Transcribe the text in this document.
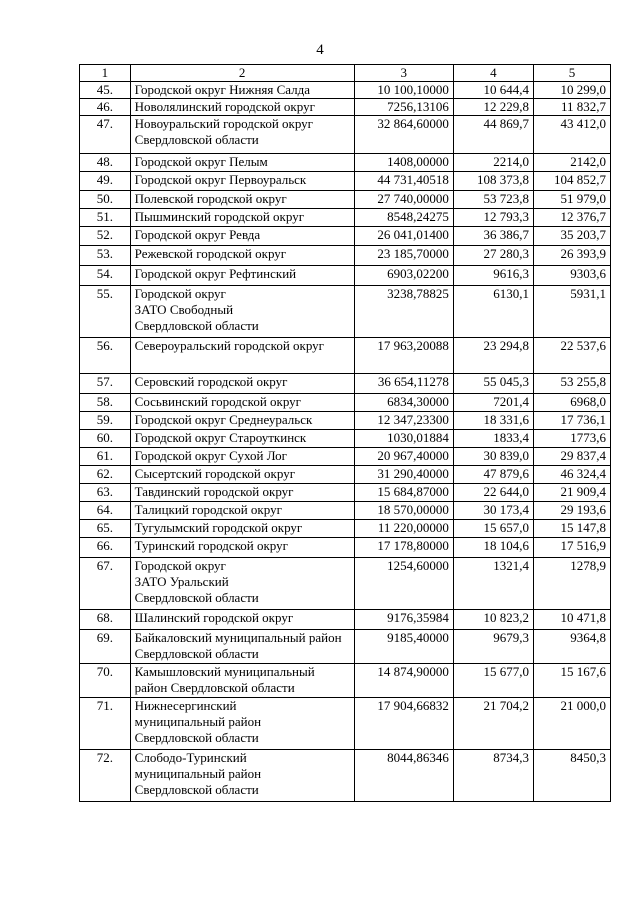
4
1	2	3	4	5
45.	Городской округ Нижняя Салда	10 100,10000	10 644,4	10 299,0
46.	Новолялинский городской округ	7256,13106	12 229,8	11 832,7
47.	Новоуральский городской округ Свердловской области	32 864,60000	44 869,7	43 412,0
48.	Городской округ Пелым	1408,00000	2214,0	2142,0
49.	Городской округ Первоуральск	44 731,40518	108 373,8	104 852,7
50.	Полевской городской округ	27 740,00000	53 723,8	51 979,0
51.	Пышминский городской округ	8548,24275	12 793,3	12 376,7
52.	Городской округ Ревда	26 041,01400	36 386,7	35 203,7
53.	Режевской городской округ	23 185,70000	27 280,3	26 393,9
54.	Городской округ Рефтинский	6903,02200	9616,3	9303,6
55.	Городской округ
ЗАТО Свободный
Свердловской области	3238,78825	6130,1	5931,1
56.	Североуральский городской округ	17 963,20088	23 294,8	22 537,6
57.	Серовский городской округ	36 654,11278	55 045,3	53 255,8
58.	Сосьвинский городской округ	6834,30000	7201,4	6968,0
59.	Городской округ Среднеуральск	12 347,23300	18 331,6	17 736,1
60.	Городской округ Староуткинск	1030,01884	1833,4	1773,6
61.	Городской округ Сухой Лог	20 967,40000	30 839,0	29 837,4
62.	Сысертский городской округ	31 290,40000	47 879,6	46 324,4
63.	Тавдинский городской округ	15 684,87000	22 644,0	21 909,4
64.	Талицкий городской округ	18 570,00000	30 173,4	29 193,6
65.	Тугулымский городской округ	11 220,00000	15 657,0	15 147,8
66.	Туринский городской округ	17 178,80000	18 104,6	17 516,9
67.	Городской округ
ЗАТО Уральский
Свердловской области	1254,60000	1321,4	1278,9
68.	Шалинский городской округ	9176,35984	10 823,2	10 471,8
69.	Байкаловский муниципальный район Свердловской области	9185,40000	9679,3	9364,8
70.	Камышловский муниципальный район Свердловской области	14 874,90000	15 677,0	15 167,6
71.	Нижнесергинский
муниципальный район
Свердловской области	17 904,66832	21 704,2	21 000,0
72.	Слободо-Туринский
муниципальный район
Свердловской области	8044,86346	8734,3	8450,3
